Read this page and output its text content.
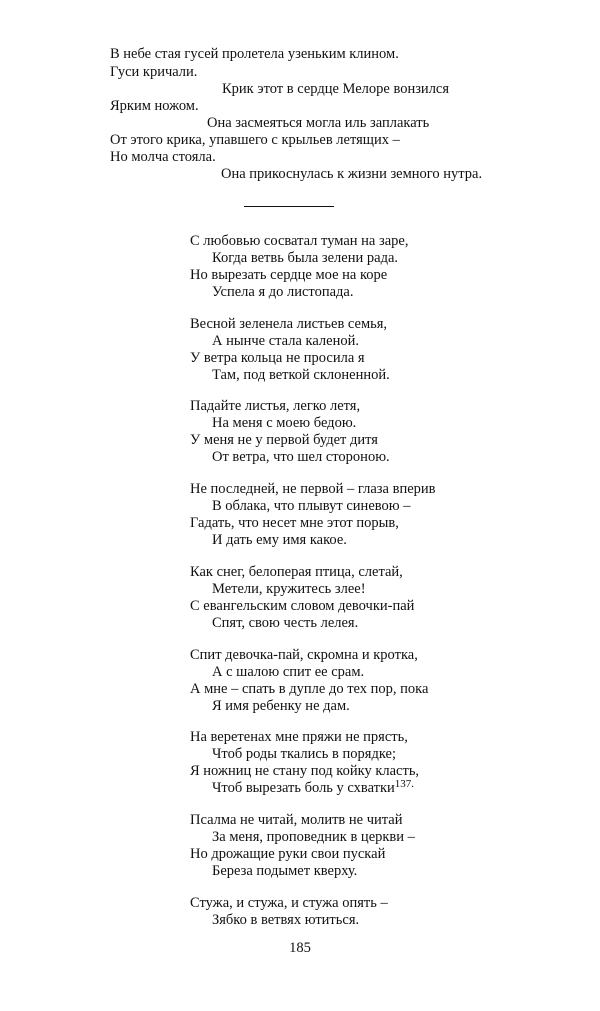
В небе стая гусей пролетела узеньким клином.
Гуси кричали.
Крик этот в сердце Мелоре вонзился
Ярким ножом.
Она засмеяться могла иль заплакать
От этого крика, упавшего с крыльев летящих –
Но молча стояла.
Она прикоснулась к жизни земного нутра.
С любовью сосватал туман на заре,
Когда ветвь была зелени рада.
Но вырезать сердце мое на коре
Успела я до листопада.
Весной зеленела листьев семья,
А нынче стала каленой.
У ветра кольца не просила я
Там, под веткой склоненной.
Падайте листья, легко летя,
На меня с моею бедою.
У меня не у первой будет дитя
От ветра, что шел стороною.
Не последней, не первой – глаза вперив
В облака, что плывут синевою –
Гадать, что несет мне этот порыв,
И дать ему имя какое.
Как снег, белоперая птица, слетай,
Метели, кружитесь злее!
С евангельским словом девочки-пай
Спят, свою честь лелея.
Спит девочка-пай, скромна и кротка,
А с шалою спит ее срам.
А мне – спать в дупле до тех пор, пока
Я имя ребенку не дам.
На веретенах мне пряжи не прясть,
Чтоб роды ткались в порядке;
Я ножниц не стану под койку класть,
Чтоб вырезать боль у схватки$^{137.}$
Псалма не читай, молитв не читай
За меня, проповедник в церкви –
Но дрожащие руки свои пускай
Береза подымет кверху.
Стужа, и стужа, и стужа опять –
Зябко в ветвях ютиться.
185
